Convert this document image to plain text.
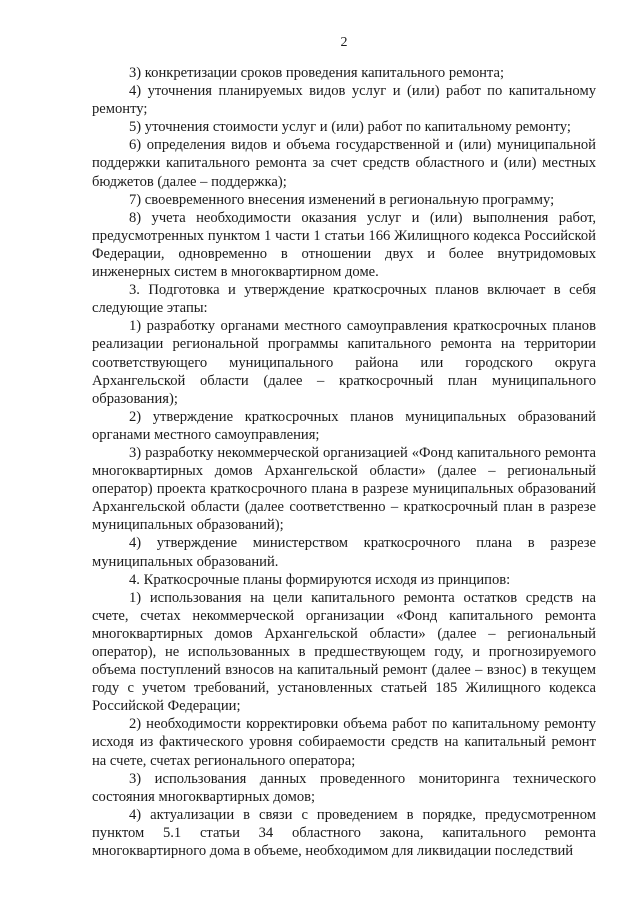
2

3) конкретизации сроков проведения капитального ремонта;

4) уточнения планируемых видов услуг и (или) работ по капитальному ремонту;

5) уточнения стоимости услуг и (или) работ по капитальному ремонту;

6) определения видов и объема государственной и (или) муниципальной поддержки капитального ремонта за счет средств областного и (или) местных бюджетов (далее – поддержка);

7) своевременного внесения изменений в региональную программу;

8) учета необходимости оказания услуг и (или) выполнения работ, предусмотренных пунктом 1 части 1 статьи 166 Жилищного кодекса Российской Федерации, одновременно в отношении двух и более внутридомовых инженерных систем в многоквартирном доме.

3. Подготовка и утверждение краткосрочных планов включает в себя следующие этапы:

1) разработку органами местного самоуправления краткосрочных планов реализации региональной программы капитального ремонта на территории соответствующего муниципального района или городского округа Архангельской области (далее – краткосрочный план муниципального образования);

2) утверждение краткосрочных планов муниципальных образований органами местного самоуправления;

3) разработку некоммерческой организацией «Фонд капитального ремонта многоквартирных домов Архангельской области» (далее – региональный оператор) проекта краткосрочного плана в разрезе муниципальных образований Архангельской области (далее соответственно – краткосрочный план в разрезе муниципальных образований);

4) утверждение министерством краткосрочного плана в разрезе муниципальных образований.

4. Краткосрочные планы формируются исходя из принципов:

1) использования на цели капитального ремонта остатков средств на счете, счетах некоммерческой организации «Фонд капитального ремонта многоквартирных домов Архангельской области» (далее – региональный оператор), не использованных в предшествующем году, и прогнозируемого объема поступлений взносов на капитальный ремонт (далее – взнос) в текущем году с учетом требований, установленных статьей 185 Жилищного кодекса Российской Федерации;

2) необходимости корректировки объема работ по капитальному ремонту исходя из фактического уровня собираемости средств на капитальный ремонт на счете, счетах регионального оператора;

3) использования данных проведенного мониторинга технического состояния многоквартирных домов;

4) актуализации в связи с проведением в порядке, предусмотренном пунктом 5.1 статьи 34 областного закона, капитального ремонта многоквартирного дома в объеме, необходимом для ликвидации последствий
